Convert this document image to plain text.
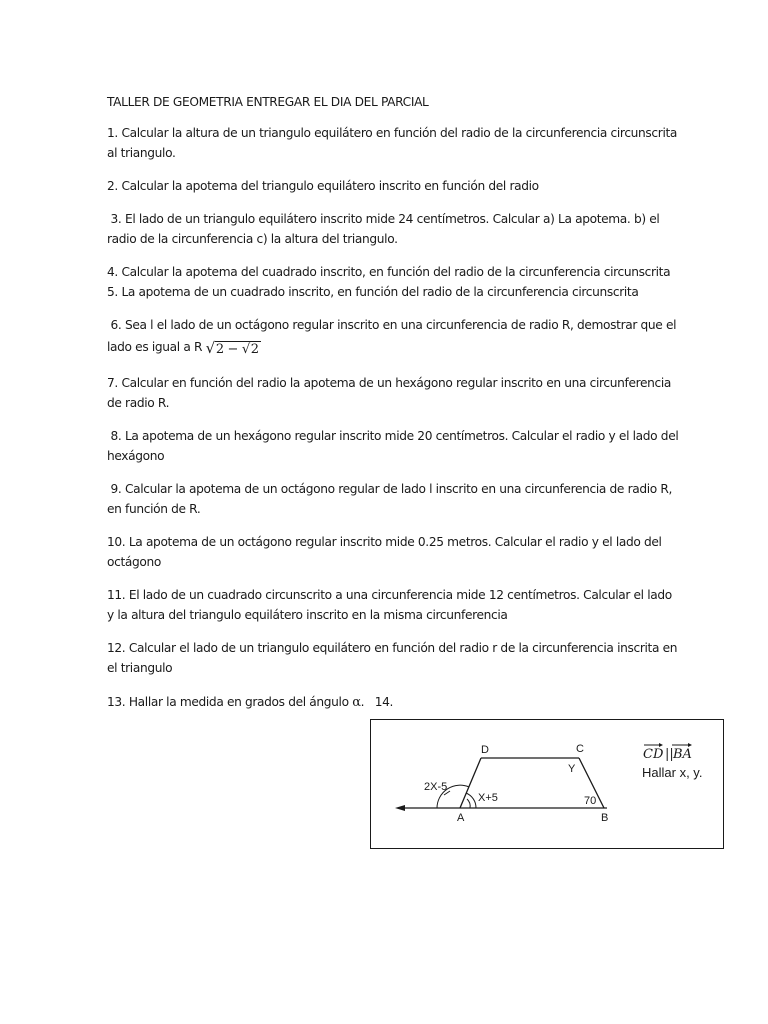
TALLER DE GEOMETRIA ENTREGAR EL DIA DEL PARCIAL
1. Calcular la altura de un triangulo equilátero en función del radio de la circunferencia circunscrita
al triangulo.
2. Calcular la apotema del triangulo equilátero inscrito en función del radio
3. El lado de un triangulo equilátero inscrito mide 24 centímetros. Calcular a) La apotema. b) el
radio de la circunferencia c) la altura del triangulo.
4. Calcular la apotema del cuadrado inscrito, en función del radio de la circunferencia circunscrita
5. La apotema de un cuadrado inscrito, en función del radio de la circunferencia circunscrita
6. Sea l el lado de un octágono regular inscrito en una circunferencia de radio R, demostrar que el
lado es igual a R √2 − √2
7. Calcular en función del radio la apotema de un hexágono regular inscrito en una circunferencia
de radio R.
8. La apotema de un hexágono regular inscrito mide 20 centímetros. Calcular el radio y el lado del
hexágono
9. Calcular la apotema de un octágono regular de lado l inscrito en una circunferencia de radio R,
en función de R.
10. La apotema de un octágono regular inscrito mide 0.25 metros. Calcular el radio y el lado del
octágono
11. El lado de un cuadrado circunscrito a una circunferencia mide 12 centímetros. Calcular el lado
y la altura del triangulo equilátero inscrito en la misma circunferencia
12. Calcular el lado de un triangulo equilátero en función del radio r de la circunferencia inscrita en
el triangulo
13. Hallar la medida en grados del ángulo α.   14.
D	C
A	B
2X-5
X+5
Y
70
CD || BA
Hallar x, y.
